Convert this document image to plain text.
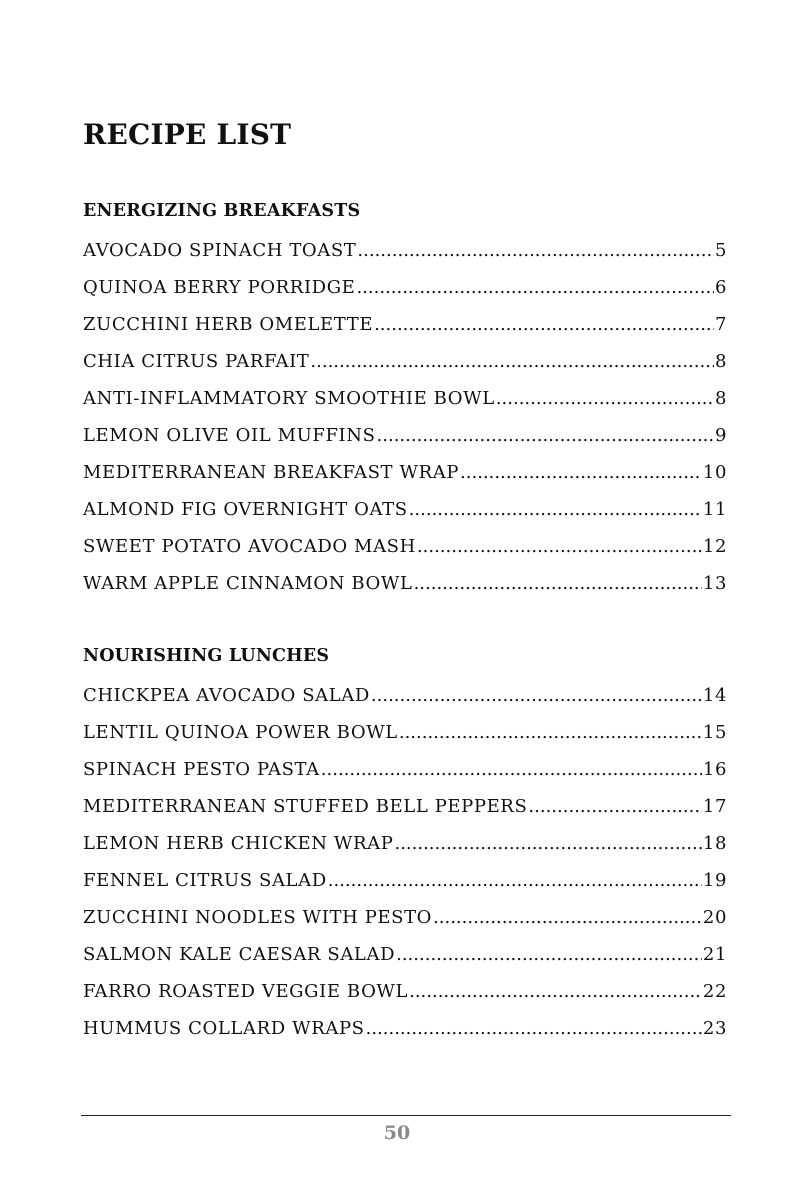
RECIPE LIST
ENERGIZING BREAKFASTS
AVOCADO SPINACH TOAST .....	5
QUINOA BERRY PORRIDGE .....	6
ZUCCHINI HERB OMELETTE .....	7
CHIA CITRUS PARFAIT .....	8
ANTI-INFLAMMATORY SMOOTHIE BOWL .....	8
LEMON OLIVE OIL MUFFINS .....	9
MEDITERRANEAN BREAKFAST WRAP .....	10
ALMOND FIG OVERNIGHT OATS .....	11
SWEET POTATO AVOCADO MASH .....	12
WARM APPLE CINNAMON BOWL .....	13
NOURISHING LUNCHES
CHICKPEA AVOCADO SALAD .....	14
LENTIL QUINOA POWER BOWL .....	15
SPINACH PESTO PASTA .....	16
MEDITERRANEAN STUFFED BELL PEPPERS .....	17
LEMON HERB CHICKEN WRAP .....	18
FENNEL CITRUS SALAD .....	19
ZUCCHINI NOODLES WITH PESTO .....	20
SALMON KALE CAESAR SALAD .....	21
FARRO ROASTED VEGGIE BOWL .....	22
HUMMUS COLLARD WRAPS .....	23
50
